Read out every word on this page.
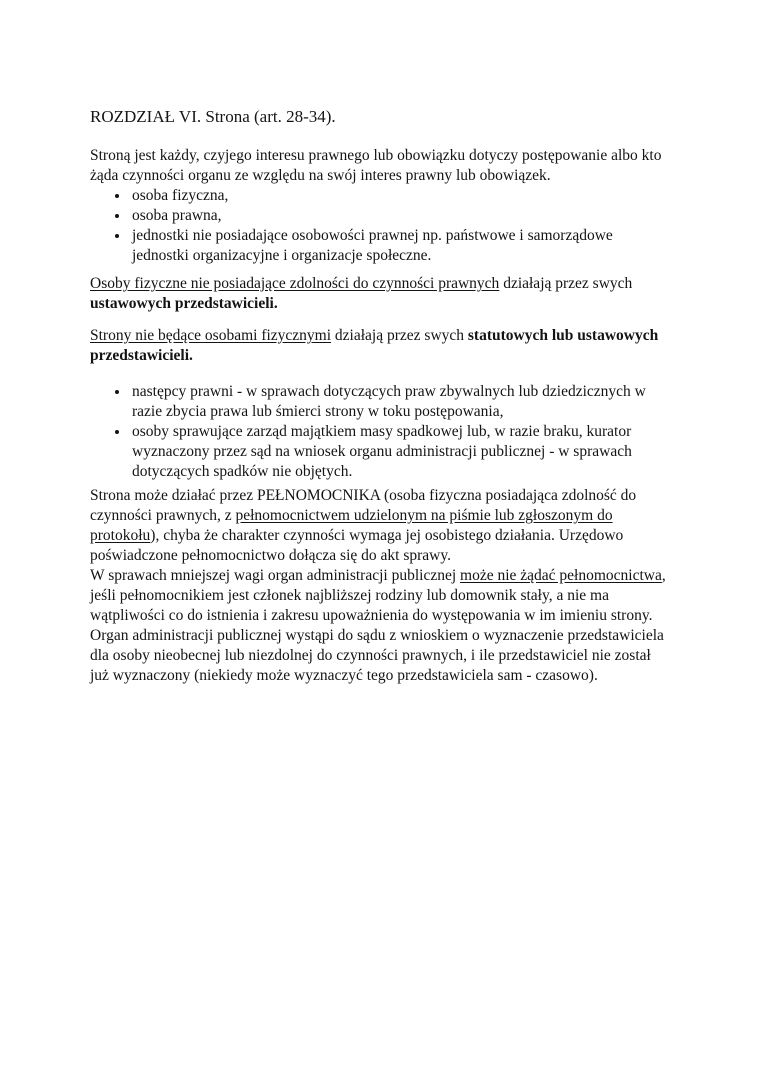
ROZDZIAŁ VI. Strona (art. 28-34).

Stroną jest każdy, czyjego interesu prawnego lub obowiązku dotyczy postępowanie albo kto żąda czynności organu ze względu na swój interes prawny lub obowiązek.

• osoba fizyczna,
• osoba prawna,
• jednostki nie posiadające osobowości prawnej np. państwowe i samorządowe jednostki organizacyjne i organizacje społeczne.

Osoby fizyczne nie posiadające zdolności do czynności prawnych działają przez swych ustawowych przedstawicieli.

Strony nie będące osobami fizycznymi działają przez swych statutowych lub ustawowych przedstawicieli.

• następcy prawni - w sprawach dotyczących praw zbywalnych lub dziedzicznych w razie zbycia prawa lub śmierci strony w toku postępowania,
• osoby sprawujące zarząd majątkiem masy spadkowej lub, w razie braku, kurator wyznaczony przez sąd na wniosek organu administracji publicznej - w sprawach dotyczących spadków nie objętych.

Strona może działać przez PEŁNOMOCNIKA (osoba fizyczna posiadająca zdolność do czynności prawnych, z pełnomocnictwem udzielonym na piśmie lub zgłoszonym do protokołu), chyba że charakter czynności wymaga jej osobistego działania. Urzędowo poświadczone pełnomocnictwo dołącza się do akt sprawy.
W sprawach mniejszej wagi organ administracji publicznej może nie żądać pełnomocnictwa, jeśli pełnomocnikiem jest członek najbliższej rodziny lub domownik stały, a nie ma wątpliwości co do istnienia i zakresu upoważnienia do występowania w im imieniu strony. Organ administracji publicznej wystąpi do sądu z wnioskiem o wyznaczenie przedstawiciela dla osoby nieobecnej lub niezdolnej do czynności prawnych, i ile przedstawiciel nie został już wyznaczony (niekiedy może wyznaczyć tego przedstawiciela sam - czasowo).
